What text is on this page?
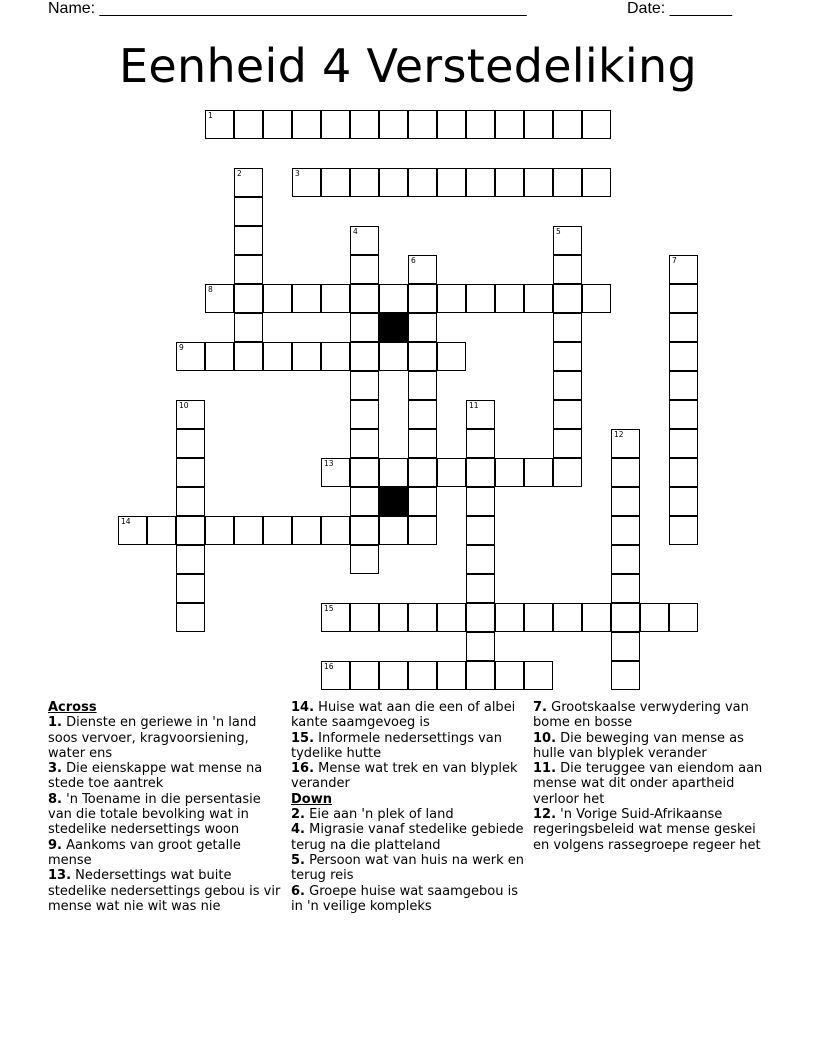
Name: ________________________________________________	Date: _______
Eenheid 4 Verstedeliking
1
3
8
9
13
14
15
16
2
4	5
6	7
10	11
12
Across
1. Dienste en geriewe in 'n land soos vervoer, kragvoorsiening, water ens
3. Die eienskappe wat mense na stede toe aantrek
8. 'n Toename in die persentasie van die totale bevolking wat in stedelike nedersettings woon
9. Aankoms van groot getalle mense
13. Nedersettings wat buite stedelike nedersettings gebou is vir mense wat nie wit was nie
14. Huise wat aan die een of albei kante saamgevoeg is
15. Informele nedersettings van tydelike hutte
16. Mense wat trek en van blyplek verander
Down
2. Eie aan 'n plek of land
4. Migrasie vanaf stedelike gebiede terug na die platteland
5. Persoon wat van huis na werk en terug reis
6. Groepe huise wat saamgebou is in 'n veilige kompleks
7. Grootskaalse verwydering van bome en bosse
10. Die beweging van mense as hulle van blyplek verander
11. Die teruggee van eiendom aan mense wat dit onder apartheid verloor het
12. 'n Vorige Suid-Afrikaanse regeringsbeleid wat mense geskei en volgens rassegroepe regeer het
